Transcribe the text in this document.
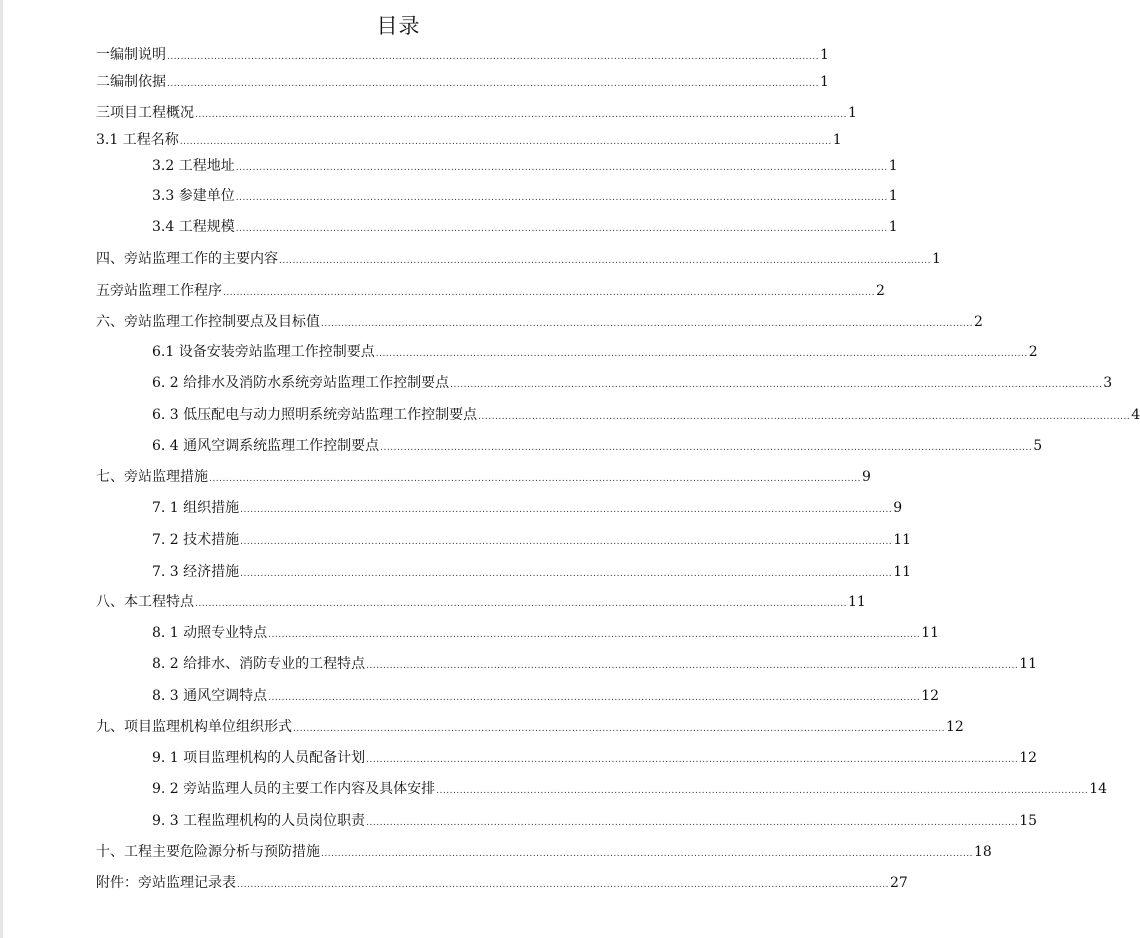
目录
一编制说明 .................................................................................................................................................................................................. 1
二编制依据 .................................................................................................................................................................................................. 1
三项目工程概况 .................................................................................................................................................................................................. 1
3.1 工程名称 .................................................................................................................................................................................................. 1
3.2 工程地址 .................................................................................................................................................................................................. 1
3.3 参建单位 .................................................................................................................................................................................................. 1
3.4 工程规模 .................................................................................................................................................................................................. 1
四、旁站监理工作的主要内容 .................................................................................................................................................................................................. 1
五旁站监理工作程序 .................................................................................................................................................................................................. 2
六、旁站监理工作控制要点及目标值 .................................................................................................................................................................................................. 2
6.1 设备安装旁站监理工作控制要点 .................................................................................................................................................................................................. 2
6. 2 给排水及消防水系统旁站监理工作控制要点 .................................................................................................................................................................................................. 3
6. 3 低压配电与动力照明系统旁站监理工作控制要点 .................................................................................................................................................................................................. 4
6. 4 通风空调系统监理工作控制要点 .................................................................................................................................................................................................. 5
七、旁站监理措施 .................................................................................................................................................................................................. 9
7. 1 组织措施 .................................................................................................................................................................................................. 9
7. 2 技术措施 .................................................................................................................................................................................................. 11
7. 3 经济措施 .................................................................................................................................................................................................. 11
八、本工程特点 .................................................................................................................................................................................................. 11
8. 1 动照专业特点 .................................................................................................................................................................................................. 11
8. 2 给排水、消防专业的工程特点 .................................................................................................................................................................................................. 11
8. 3 通风空调特点 .................................................................................................................................................................................................. 12
九、项目监理机构单位组织形式 .................................................................................................................................................................................................. 12
9. 1 项目监理机构的人员配备计划 .................................................................................................................................................................................................. 12
9. 2 旁站监理人员的主要工作内容及具体安排 .................................................................................................................................................................................................. 14
9. 3 工程监理机构的人员岗位职责 .................................................................................................................................................................................................. 15
十、工程主要危险源分析与预防措施 .................................................................................................................................................................................................. 18
附件：旁站监理记录表 .................................................................................................................................................................................................. 27
